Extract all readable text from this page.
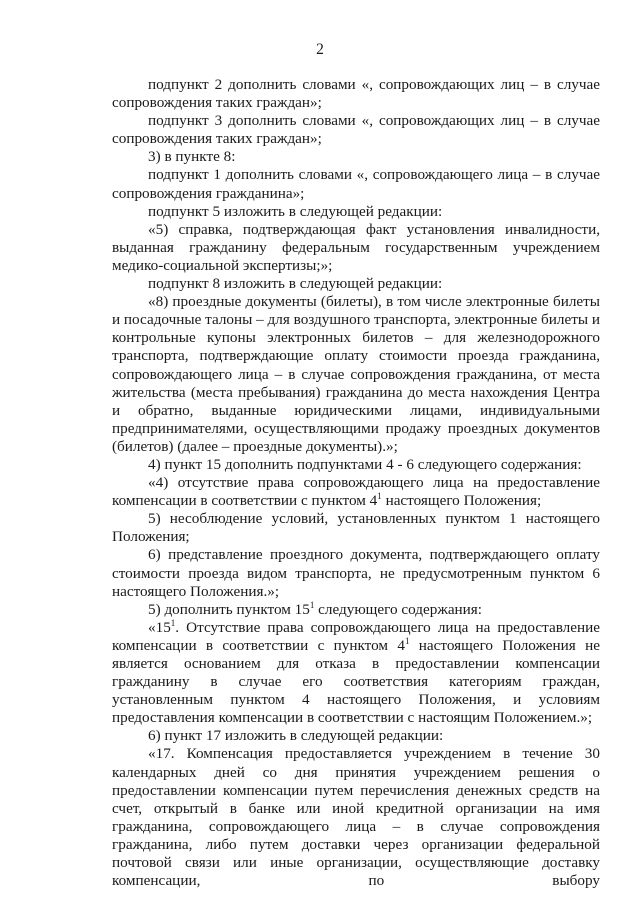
2

подпункт 2 дополнить словами «, сопровождающих лиц – в случае сопровождения таких граждан»;

подпункт 3 дополнить словами «, сопровождающих лиц – в случае сопровождения таких граждан»;

3) в пункте 8:

подпункт 1 дополнить словами «, сопровождающего лица – в случае сопровождения гражданина»;

подпункт 5 изложить в следующей редакции:

«5) справка, подтверждающая факт установления инвалидности, выданная гражданину федеральным государственным учреждением медико-социальной экспертизы;»;

подпункт 8 изложить в следующей редакции:

«8) проездные документы (билеты), в том числе электронные билеты и посадочные талоны – для воздушного транспорта, электронные билеты и контрольные купоны электронных билетов – для железнодорожного транспорта, подтверждающие оплату стоимости проезда гражданина, сопровождающего лица – в случае сопровождения гражданина, от места жительства (места пребывания) гражданина до места нахождения Центра и обратно, выданные юридическими лицами, индивидуальными предпринимателями, осуществляющими продажу проездных документов (билетов) (далее – проездные документы).»;

4) пункт 15 дополнить подпунктами 4 - 6 следующего содержания:

«4) отсутствие права сопровождающего лица на предоставление компенсации в соответствии с пунктом $4^1$ настоящего Положения;

5) несоблюдение условий, установленных пунктом 1 настоящего Положения;

6) представление проездного документа, подтверждающего оплату стоимости проезда видом транспорта, не предусмотренным пунктом 6 настоящего Положения.»;

5) дополнить пунктом $15^1$ следующего содержания:

«$15^1$. Отсутствие права сопровождающего лица на предоставление компенсации в соответствии с пунктом $4^1$ настоящего Положения не является основанием для отказа в предоставлении компенсации гражданину в случае его соответствия категориям граждан, установленным пунктом 4 настоящего Положения, и условиям предоставления компенсации в соответствии с настоящим Положением.»;

6) пункт 17 изложить в следующей редакции:

«17. Компенсация предоставляется учреждением в течение 30 календарных дней со дня принятия учреждением решения о предоставлении компенсации путем перечисления денежных средств на счет, открытый в банке или иной кредитной организации на имя гражданина, сопровождающего лица – в случае сопровождения гражданина, либо путем доставки через организации федеральной почтовой связи или иные организации, осуществляющие доставку компенсации, по выбору
